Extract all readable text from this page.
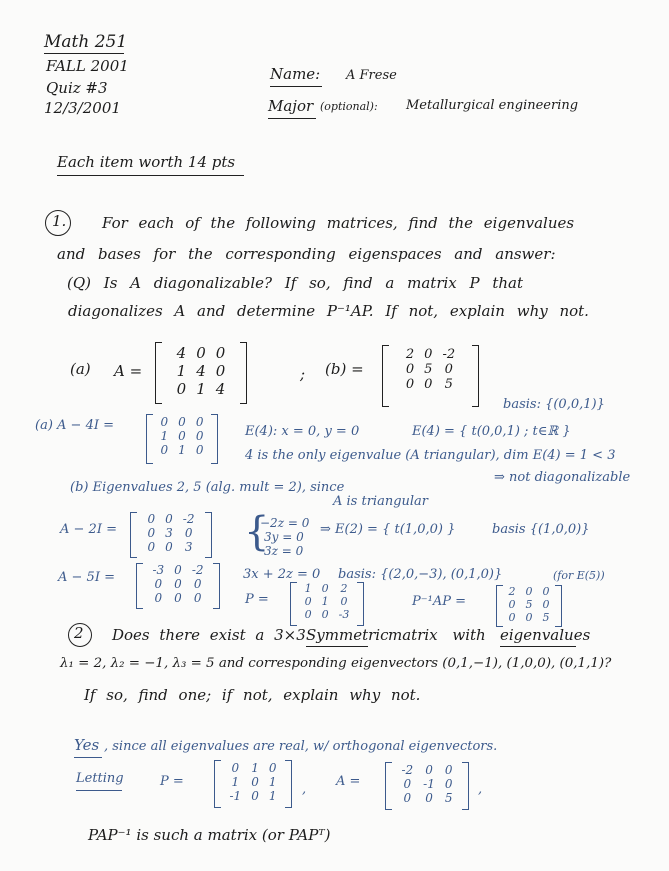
Math 251
FALL 2001
Quiz #3
12/3/2001
Name: A Frese
Major (optional): Metallurgical engineering
Each item worth 14 pts
1. For each of the following matrices, find the eigenvalues
and bases for the corresponding eigenspaces and answer:
(Q) Is A diagonalizable? If so, find a matrix P that
diagonalizes A and determine P⁻¹AP. If not, explain why not.
(a) A =
4	0	0
1	4	0
0	1	4
; (b) =
2	0	-2
0	5	0
0	0	5
basis: {(0,0,1)}
(a) A − 4I =	0	0	0
1	0	0
0	1	0
E(4): x = 0, y = 0	E(4) = { t(0,0,1) ; t∈ℝ }
4 is the only eigenvalue (A triangular), dim E(4) = 1 < 3
⇒ not diagonalizable
(b) Eigenvalues 2, 5 (alg. mult = 2), since
A is triangular
A − 2I =
0	0	-2
0	3	0
0	0	3 {
−2z = 0
3y = 0
3z = 0
⇒ E(2) = { t(1,0,0) }	basis {(1,0,0)}
A − 5I =	-3	0	-2
0	0	0
0	0	0
3x + 2z = 0 basis: {(2,0,−3), (0,1,0)}	(for E(5))
P =
1	0	2
0	1	0
0	0	-3
P⁻¹AP =
2	0	0
0	5	0
0	0	5
2 Does there exist a 3×3 Symmetric matrix with eigenvalues
λ₁ = 2, λ₂ = −1, λ₃ = 5 and corresponding eigenvectors (0,1,−1), (1,0,0), (0,1,1)?
If so, find one; if not, explain why not.
Yes , since all eigenvalues are real, w/ orthogonal eigenvectors.
Letting	P =
0	1	0
1	0	1
-1	0	1 ,
A =
-2	0	0
0	-1	0
0	0	5
,
PAP⁻¹ is such a matrix (or PAPᵀ)
